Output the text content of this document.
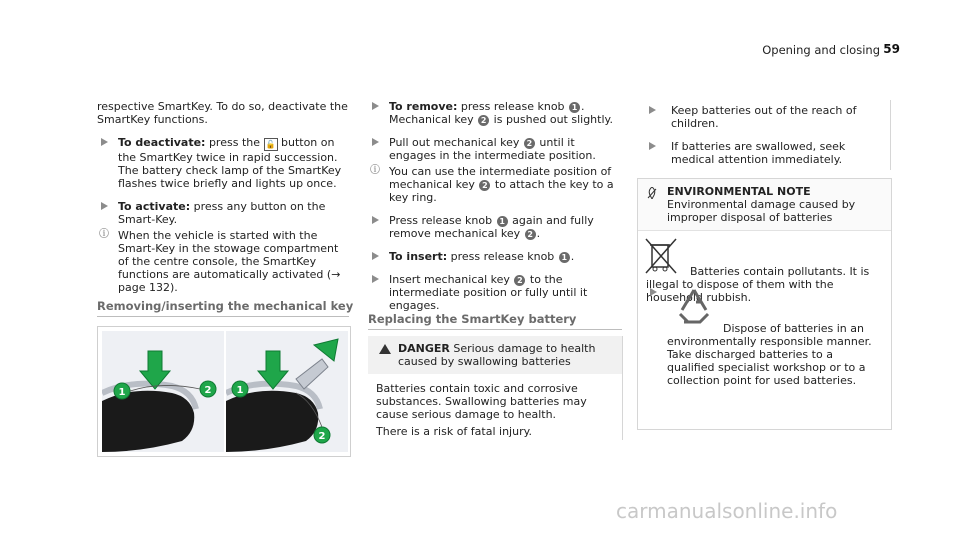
Opening and closing 59

respective SmartKey. To do so, deactivate the SmartKey functions.

To deactivate: press the 🔓 button on the SmartKey twice in rapid succession.
The battery check lamp of the SmartKey flashes twice briefly and lights up once.
To activate: press any button on the Smart-Key.
ⓘ When the vehicle is started with the Smart-Key in the stowage compartment of the centre console, the SmartKey functions are automatically activated (→ page 132).
Removing/inserting the mechanical key
1	2	1
2
To remove: press release knob 1 . Mechanical key 2 is pushed out slightly.
Pull out mechanical key 2 until it engages in the intermediate position.
ⓘ You can use the intermediate position of mechanical key 2 to attach the key to a key ring.
Press release knob 1 again and fully remove mechanical key 2 .
To insert: press release knob 1 .
Insert mechanical key 2 to the intermediate position or fully until it engages.
Replacing the SmartKey battery
DANGER Serious damage to health caused by swallowing batteries

Batteries contain toxic and corrosive substances. Swallowing batteries may cause serious damage to health.

There is a risk of fatal injury.

Keep batteries out of the reach of children.
If batteries are swallowed, seek medical attention immediately.
ENVIRONMENTAL NOTE Environmental damage caused by improper disposal of batteries

Batteries contain pollutants. It is illegal to dispose of them with the household rubbish.

Dispose of batteries in an environmentally responsible manner. Take discharged batteries to a qualified specialist workshop or to a collection point for used batteries.

carmanualsonline.info
